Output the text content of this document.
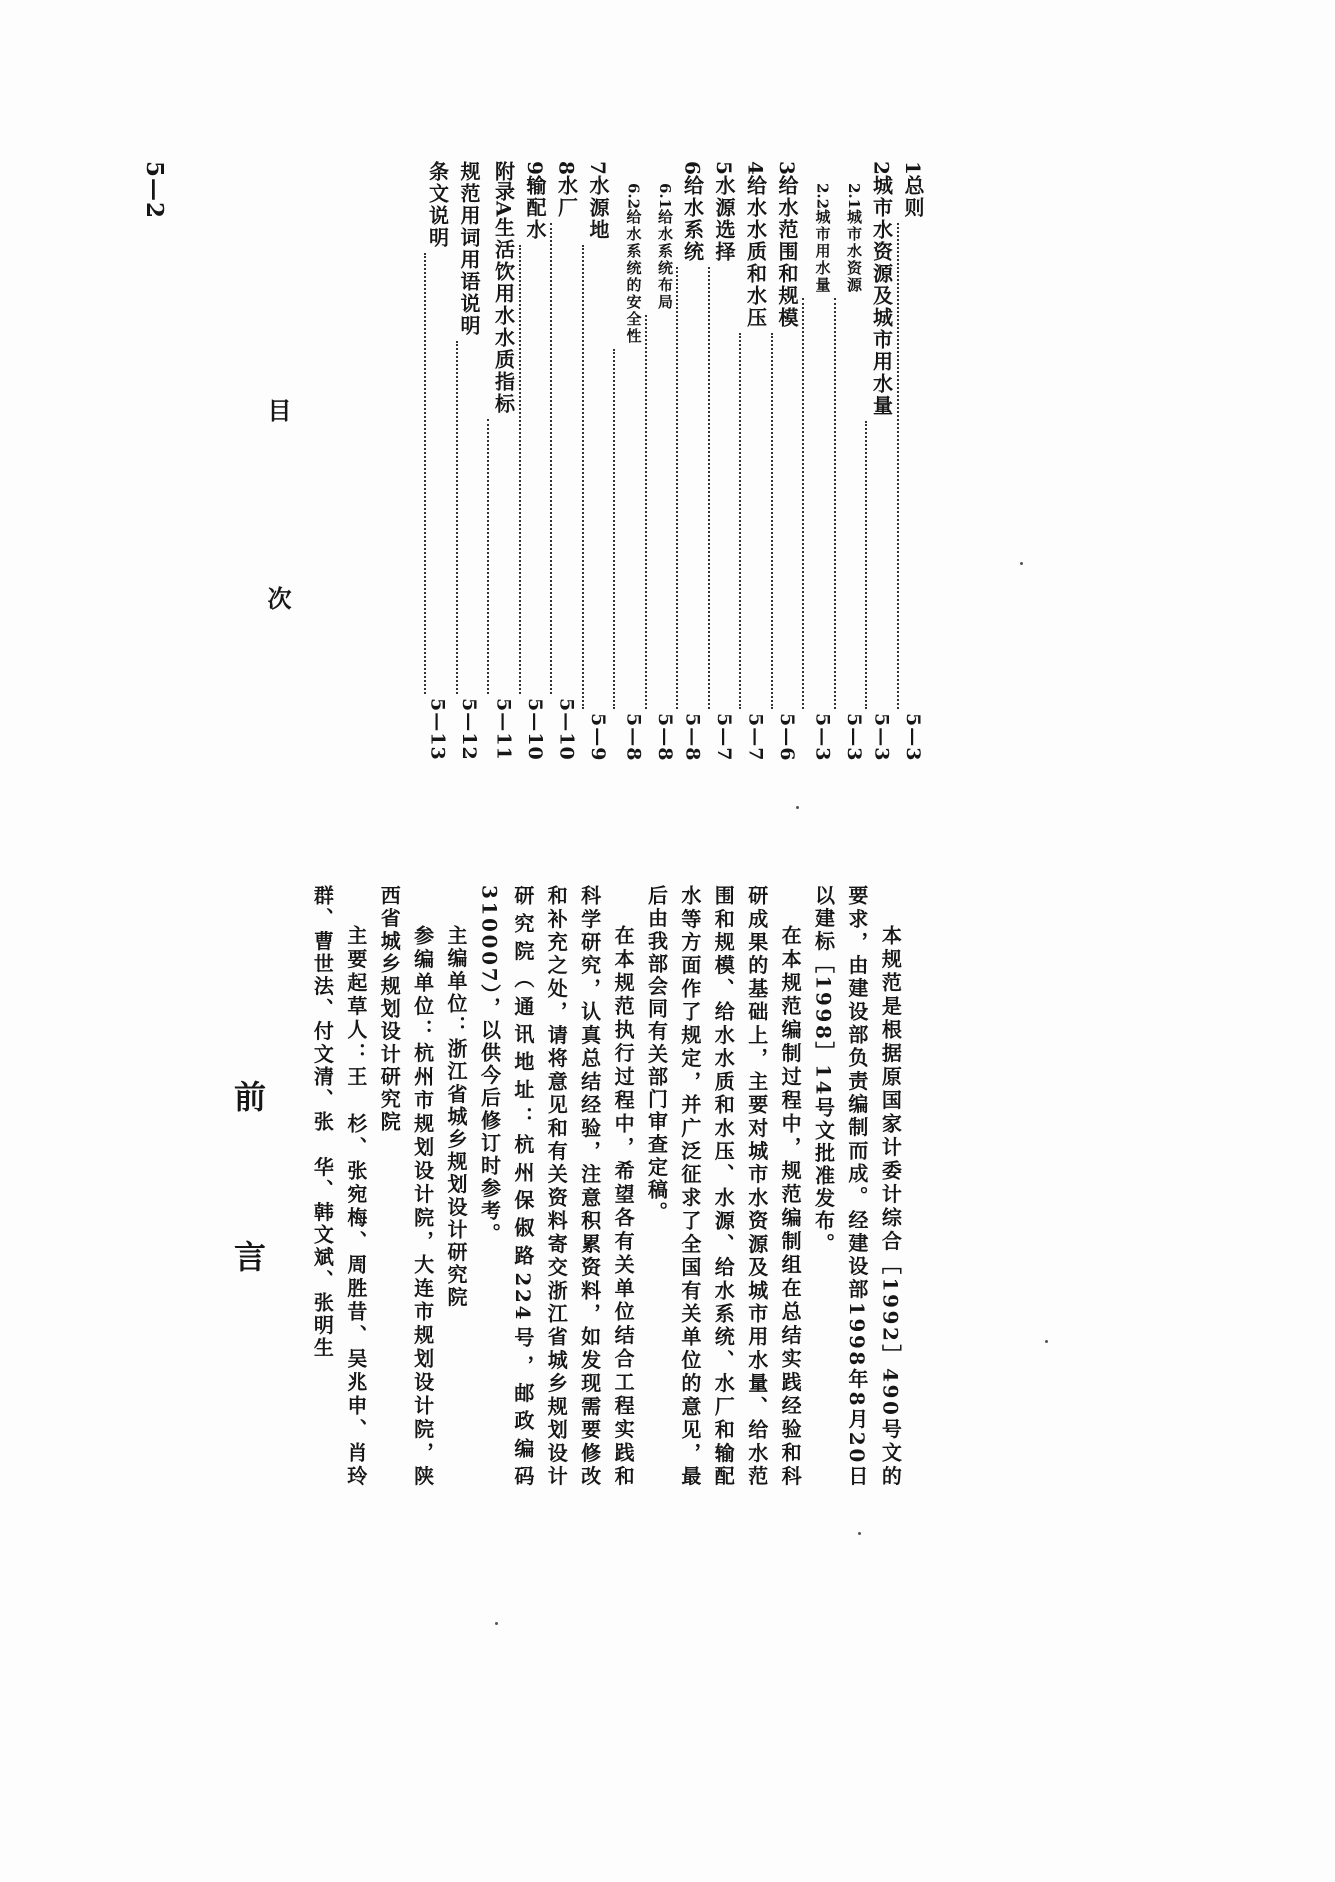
5—2
目　次
1
总则
5—3
2
城市水资源及城市用水量
5—3
2.1
城市水资源
5—3
2.2
城市用水量
5—3
3
给水范围和规模
5—6
4
给水水质和水压
5—7
5
水源选择
5—7
6
给水系统
5—8
6.1
给水系统布局
5—8
6.2
给水系统的安全性
5—8
7
水源地
5—9
8
水厂
5—10
9
输配水
5—10
附录A
生活饮用水水质指标
5—11
规范用词用语说明
5—12
条文说明
5—13
前　言	本规范是根据原国家计委计综合［1992］490号文的要求，由建设部负责编制而成。经建设部1998年8月20日以建标［1998］14号文批准发布。

在本规范编制过程中，规范编制组在总结实践经验和科研成果的基础上，主要对城市水资源及城市用水量、给水范围和规模、给水水质和水压、水源、给水系统、水厂和输配水等方面作了规定，并广泛征求了全国有关单位的意见，最后由我部会同有关部门审查定稿。

在本规范执行过程中，希望各有关单位结合工程实践和科学研究，认真总结经验，注意积累资料，如发现需要修改和补充之处，请将意见和有关资料寄交浙江省城乡规划设计研究院（通讯地址：杭州保俶路224号，邮政编码310007），以供今后修订时参考。

主编单位：浙江省城乡规划设计研究院

参编单位：杭州市规划设计院，大连市规划设计院，陕西省城乡规划设计研究院

主要起草人：王　杉、张宛梅、周胜昔、吴兆申、肖玲群、曹世法、付文清、张　华、韩文斌、张明生
